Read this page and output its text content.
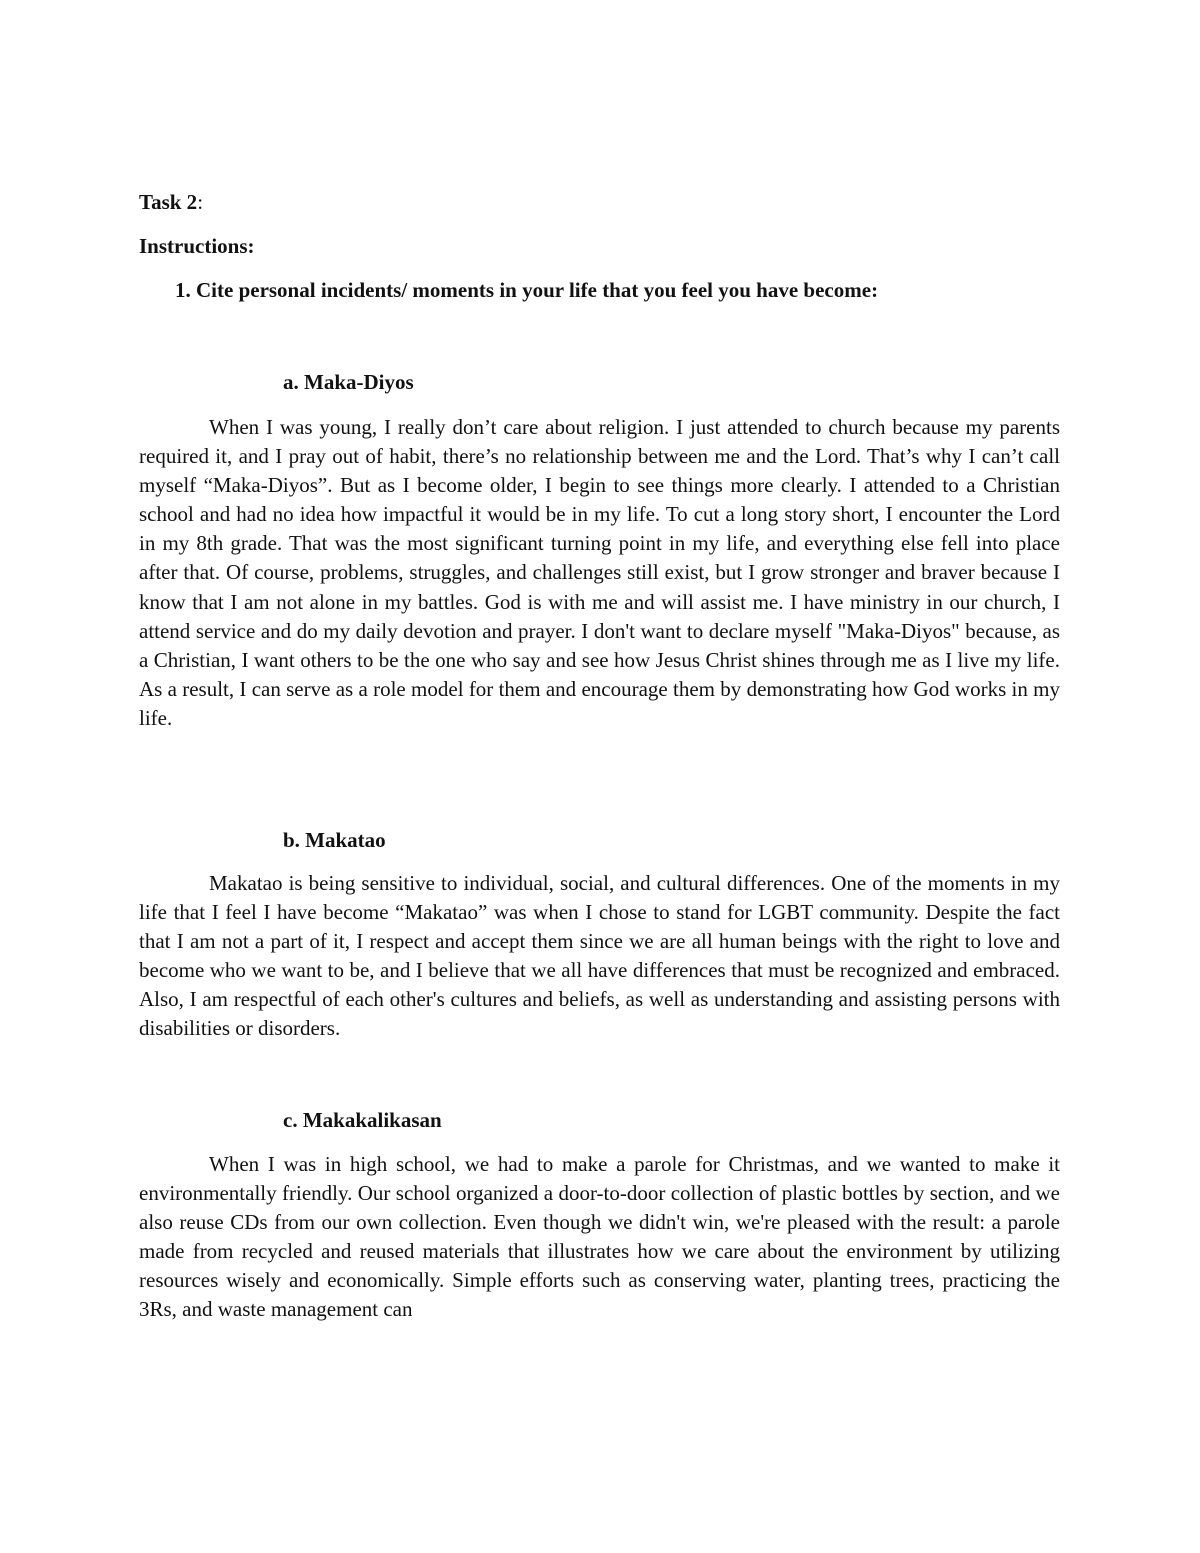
Task 2:

Instructions:

1. Cite personal incidents/ moments in your life that you feel you have become:

a. Maka-Diyos

When I was young, I really don’t care about religion. I just attended to church because my parents required it, and I pray out of habit, there’s no relationship between me and the Lord. That’s why I can’t call myself “Maka-Diyos”. But as I become older, I begin to see things more clearly. I attended to a Christian school and had no idea how impactful it would be in my life. To cut a long story short, I encounter the Lord in my 8th grade. That was the most significant turning point in my life, and everything else fell into place after that. Of course, problems, struggles, and challenges still exist, but I grow stronger and braver because I know that I am not alone in my battles. God is with me and will assist me. I have ministry in our church, I attend service and do my daily devotion and prayer. I don't want to declare myself "Maka-Diyos" because, as a Christian, I want others to be the one who say and see how Jesus Christ shines through me as I live my life. As a result, I can serve as a role model for them and encourage them by demonstrating how God works in my life.

b. Makatao

Makatao is being sensitive to individual, social, and cultural differences. One of the moments in my life that I feel I have become “Makatao” was when I chose to stand for LGBT community. Despite the fact that I am not a part of it, I respect and accept them since we are all human beings with the right to love and become who we want to be, and I believe that we all have differences that must be recognized and embraced. Also, I am respectful of each other's cultures and beliefs, as well as understanding and assisting persons with disabilities or disorders.

c. Makakalikasan

When I was in high school, we had to make a parole for Christmas, and we wanted to make it environmentally friendly. Our school organized a door-to-door collection of plastic bottles by section, and we also reuse CDs from our own collection. Even though we didn't win, we're pleased with the result: a parole made from recycled and reused materials that illustrates how we care about the environment by utilizing resources wisely and economically. Simple efforts such as conserving water, planting trees, practicing the 3Rs, and waste management can
